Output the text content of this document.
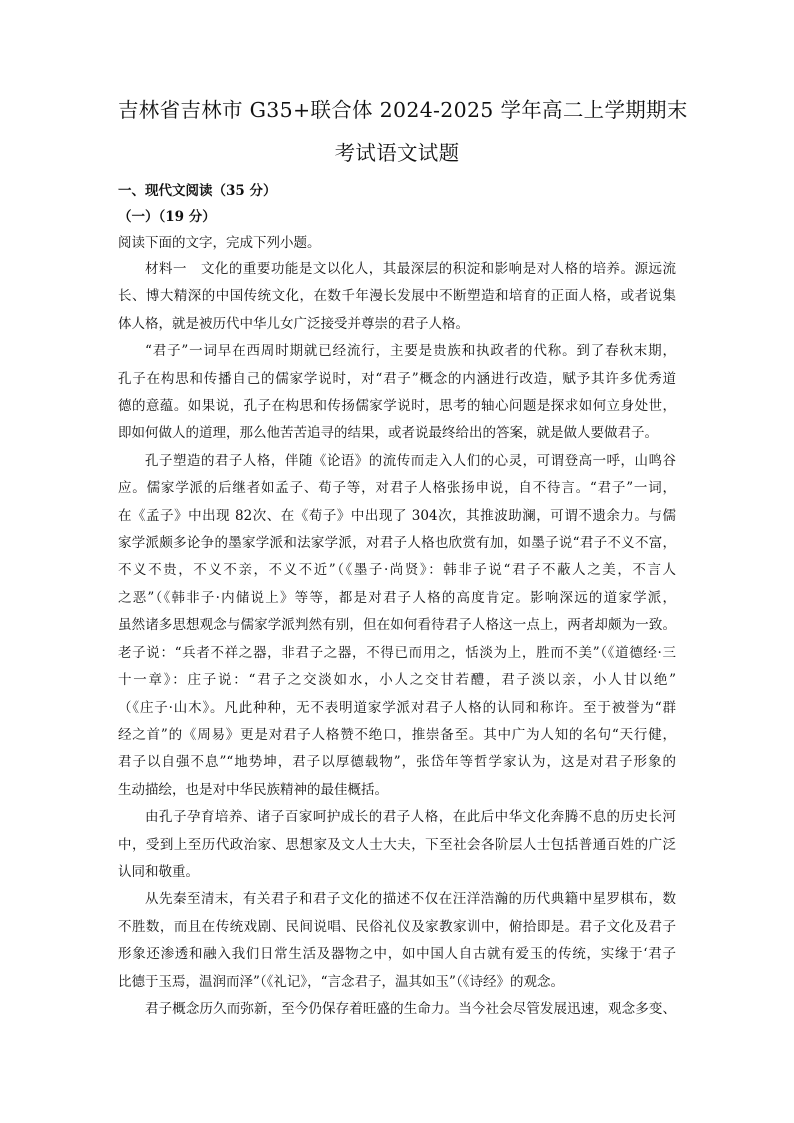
吉林省吉林市 G35+联合体 2024-2025 学年高二上学期期末
考试语文试题

一、现代文阅读（35 分）

（一）（19 分）

阅读下面的文字，完成下列小题。

材料一　文化的重要功能是文以化人，其最深层的积淀和影响是对人格的培养。源远流
长、博大精深的中国传统文化，在数千年漫长发展中不断塑造和培育的正面人格，或者说集
体人格，就是被历代中华儿女广泛接受并尊崇的君子人格。

“君子”一词早在西周时期就已经流行，主要是贵族和执政者的代称。到了春秋末期，
孔子在构思和传播自己的儒家学说时，对“君子”概念的内涵进行改造，赋予其许多优秀道
德的意蕴。如果说，孔子在构思和传扬儒家学说时，思考的轴心问题是探求如何立身处世，
即如何做人的道理，那么他苦苦追寻的结果，或者说最终给出的答案，就是做人要做君子。

孔子塑造的君子人格，伴随《论语》的流传而走入人们的心灵，可谓登高一呼，山鸣谷
应。儒家学派的后继者如孟子、荀子等，对君子人格张扬申说，自不待言。“君子”一词，
在《孟子》中出现 82次、在《荀子》中出现了 304次，其推波助澜，可谓不遗余力。与儒
家学派颇多论争的墨家学派和法家学派，对君子人格也欣赏有加，如墨子说“君子不义不富，
不义不贵，不义不亲，不义不近”（《墨子·尚贤》：韩非子说“君子不蔽人之美，不言人
之恶”（《韩非子·内储说上》等等，都是对君子人格的高度肯定。影响深远的道家学派，
虽然诸多思想观念与儒家学派判然有别，但在如何看待君子人格这一点上，两者却颇为一致。
老子说：“兵者不祥之器，非君子之器，不得已而用之，恬淡为上，胜而不美”（《道德经·三
十一章》：庄子说：“君子之交淡如水，小人之交甘若醴，君子淡以亲，小人甘以绝”
（《庄子·山木》。凡此种种，无不表明道家学派对君子人格的认同和称许。至于被誉为“群
经之首”的《周易》更是对君子人格赞不绝口，推崇备至。其中广为人知的名句“天行健，
君子以自强不息”“地势坤，君子以厚德载物”，张岱年等哲学家认为，这是对君子形象的
生动描绘，也是对中华民族精神的最佳概括。

由孔子孕育培养、诸子百家呵护成长的君子人格，在此后中华文化奔腾不息的历史长河
中，受到上至历代政治家、思想家及文人士大夫，下至社会各阶层人士包括普通百姓的广泛
认同和敬重。

从先秦至清末，有关君子和君子文化的描述不仅在汪洋浩瀚的历代典籍中星罗棋布，数
不胜数，而且在传统戏剧、民间说唱、民俗礼仪及家教家训中，俯拾即是。君子文化及君子
形象还渗透和融入我们日常生活及器物之中，如中国人自古就有爱玉的传统，实缘于‘君子
比德于玉焉，温润而泽”（《礼记》，“言念君子，温其如玉”（《诗经》的观念。

君子概念历久而弥新，至今仍保存着旺盛的生命力。当今社会尽管发展迅速，观念多变、
